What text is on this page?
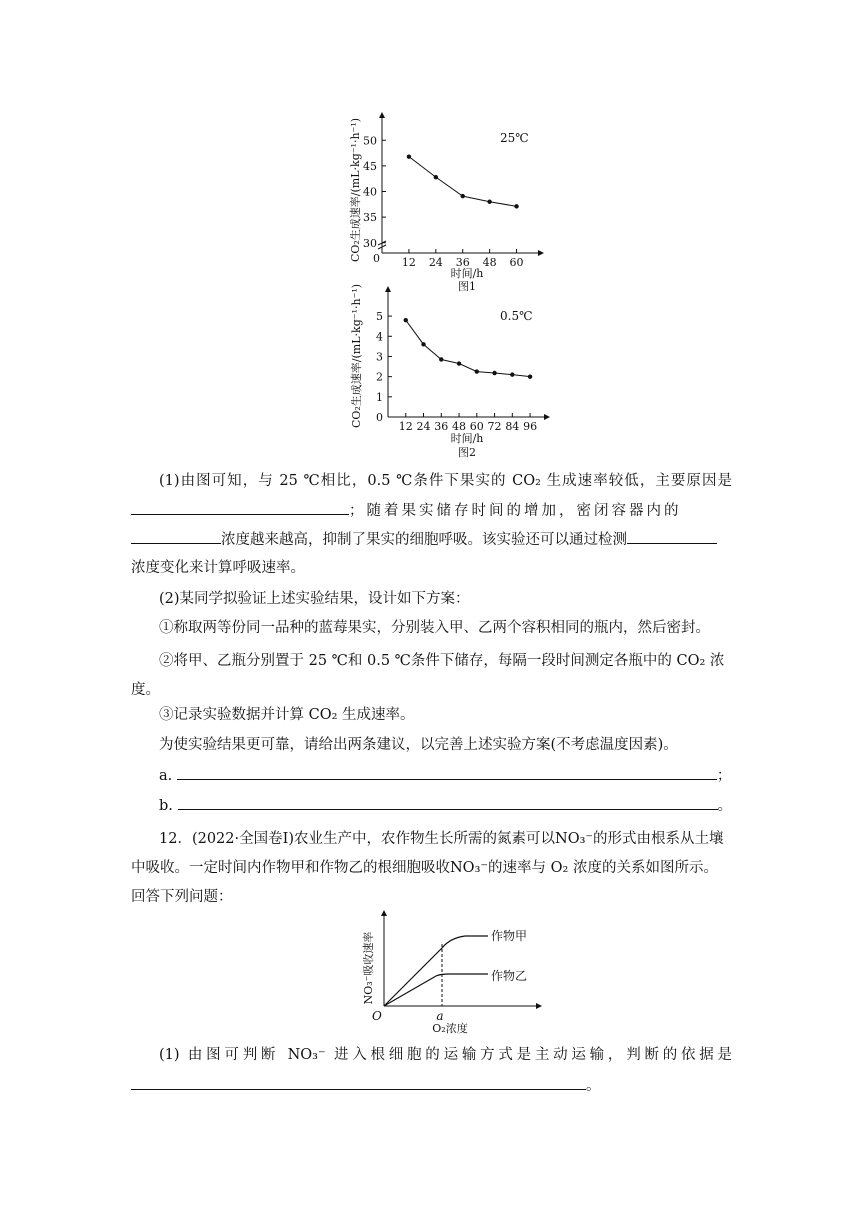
12 24 36 48 60
30
35
40
45
50
CO₂生成速率/(mL·kg⁻¹·h⁻¹)	25℃
0
时间/h
图1
12 24 36 48 60 72 84 96
0
1
2
3
4
5
CO₂生成速率/(mL·kg⁻¹·h⁻¹)	0.5℃
时间/h
图2
(1)由图可知，与 25 ℃相比，0.5 ℃条件下果实的 CO₂ 生成速率较低，主要原因是
；随着果实储存时间的增加，密闭容器内的
浓度越来越高，抑制了果实的细胞呼吸。该实验还可以通过检测
浓度变化来计算呼吸速率。
(2)某同学拟验证上述实验结果，设计如下方案：
①称取两等份同一品种的蓝莓果实，分别装入甲、乙两个容积相同的瓶内，然后密封。
②将甲、乙瓶分别置于 25 ℃和 0.5 ℃条件下储存，每隔一段时间测定各瓶中的 CO₂ 浓度。
③记录实验数据并计算 CO₂ 生成速率。
为使实验结果更可靠，请给出两条建议，以完善上述实验方案(不考虑温度因素)。
a.	；
b.	。
12．(2022·全国卷Ⅰ)农业生产中，农作物生长所需的氮素可以NO₃⁻的形式由根系从土壤中吸收。一定时间内作物甲和作物乙的根细胞吸收NO₃⁻的速率与 O₂ 浓度的关系如图所示。回答下列问题：
NO₃⁻吸收速率
O	a
O₂浓度
作物甲
作物乙
(1) 由图可判断 NO₃⁻ 进入根细胞的运输方式是主动运输，判断的依据是
。
